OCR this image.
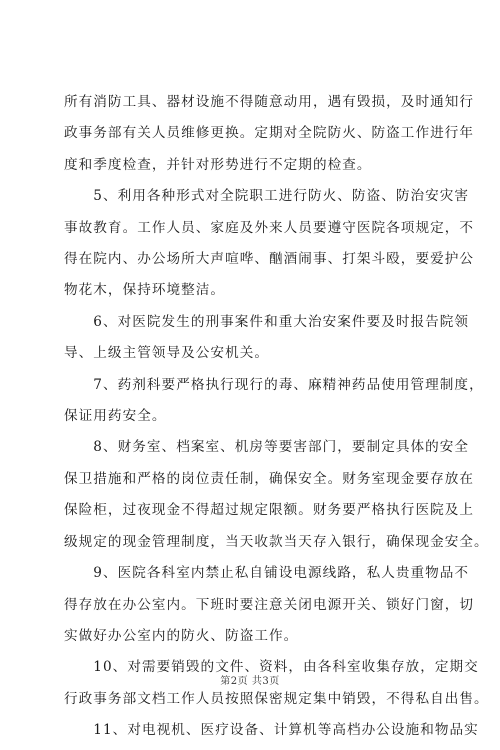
所有消防工具、器材设施不得随意动用，遇有毁损，及时通知行

政事务部有关人员维修更换。定期对全院防火、防盗工作进行年

度和季度检查，并针对形势进行不定期的检查。

　　5、利用各种形式对全院职工进行防火、防盗、防治安灾害

事故教育。工作人员、家庭及外来人员要遵守医院各项规定，不

得在院内、办公场所大声喧哗、酗酒闹事、打架斗殴，要爱护公

物花木，保持环境整洁。

　　6、对医院发生的刑事案件和重大治安案件要及时报告院领

导、上级主管领导及公安机关。

　　7、药剂科要严格执行现行的毒、麻精神药品使用管理制度，

保证用药安全。

　　8、财务室、档案室、机房等要害部门，要制定具体的安全

保卫措施和严格的岗位责任制，确保安全。财务室现金要存放在

保险柜，过夜现金不得超过规定限额。财务要严格执行医院及上

级规定的现金管理制度，当天收款当天存入银行，确保现金安全。

　　9、医院各科室内禁止私自铺设电源线路，私人贵重物品不

得存放在办公室内。下班时要注意关闭电源开关、锁好门窗，切

实做好办公室内的防火、防盗工作。

　　10、对需要销毁的文件、资料，由各科室收集存放，定期交

行政事务部文档工作人员按照保密规定集中销毁，不得私自出售。

　　11、对电视机、医疗设备、计算机等高档办公设施和物品实

第2页 共3页
